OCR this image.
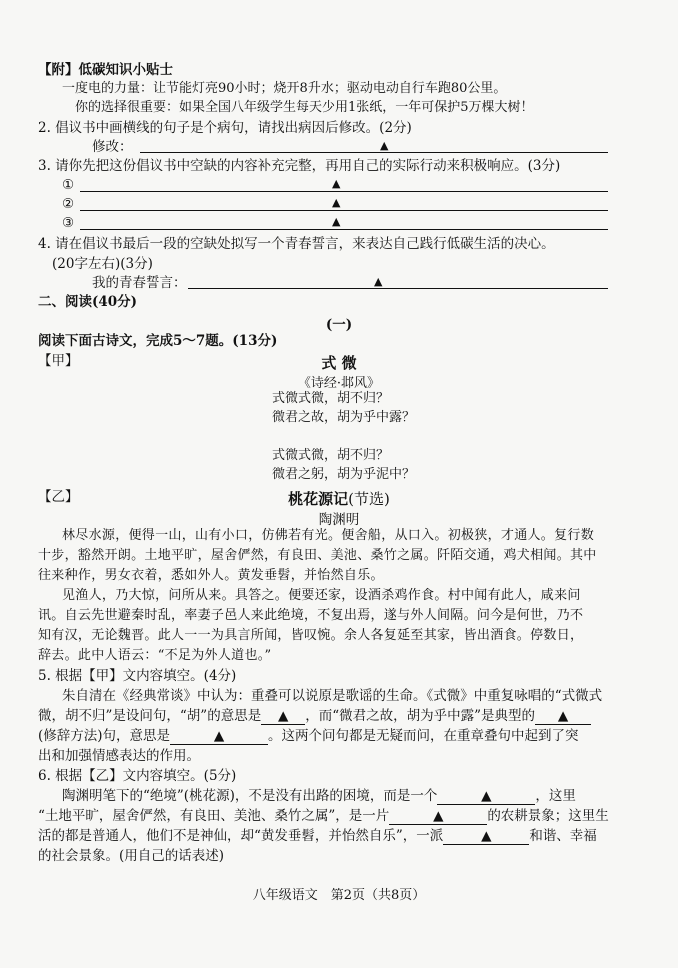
【附】低碳知识小贴士
一度电的力量：让节能灯亮90小时；烧开8升水；驱动电动自行车跑80公里。
你的选择很重要：如果全国八年级学生每天少用1张纸，一年可保护5万棵大树！
2. 倡议书中画横线的句子是个病句，请找出病因后修改。(2分)
修改：	▲
3. 请你先把这份倡议书中空缺的内容补充完整，再用自己的实际行动来积极响应。(3分)
①	▲
②	▲
③	▲
4. 请在倡议书最后一段的空缺处拟写一个青春誓言，来表达自己践行低碳生活的决心。
(20字左右)(3分)
我的青春誓言：	▲
二、阅读(40分)
(一)
阅读下面古诗文，完成5～7题。(13分)
【甲】	式 微
《诗经·邶风》
式微式微，胡不归？
微君之故，胡为乎中露？
式微式微，胡不归？
微君之躬，胡为乎泥中？
【乙】	桃花源记(节选)
陶渊明
林尽水源，便得一山，山有小口，仿佛若有光。便舍船，从口入。初极狭，才通人。复行数
十步，豁然开朗。土地平旷，屋舍俨然，有良田、美池、桑竹之属。阡陌交通，鸡犬相闻。其中
往来种作，男女衣着，悉如外人。黄发垂髫，并怡然自乐。
见渔人，乃大惊，问所从来。具答之。便要还家，设酒杀鸡作食。村中闻有此人，咸来问
讯。自云先世避秦时乱，率妻子邑人来此绝境，不复出焉，遂与外人间隔。问今是何世，乃不
知有汉，无论魏晋。此人一一为具言所闻，皆叹惋。余人各复延至其家，皆出酒食。停数日，
辞去。此中人语云：“不足为外人道也。”
5. 根据【甲】文内容填空。(4分)
朱自清在《经典常谈》中认为：重叠可以说原是歌谣的生命。《式微》中重复咏唱的“式微式
微，胡不归”是设问句，“胡”的意思是 ▲ ，而“微君之故，胡为乎中露”是典型的 ▲
(修辞方法)句，意思是	▲	。这两个问句都是无疑而问，在重章叠句中起到了突
出和加强情感表达的作用。
6. 根据【乙】文内容填空。(5分)
陶渊明笔下的“绝境”(桃花源)，不是没有出路的困境，而是一个	▲	，这里
“土地平旷，屋舍俨然，有良田、美池、桑竹之属”，是一片	▲	的农耕景象；这里生
活的都是普通人，他们不是神仙，却“黄发垂髫，并怡然自乐”，一派	▲	和谐、幸福
的社会景象。(用自己的话表述)
八年级语文　第2页（共8页）
